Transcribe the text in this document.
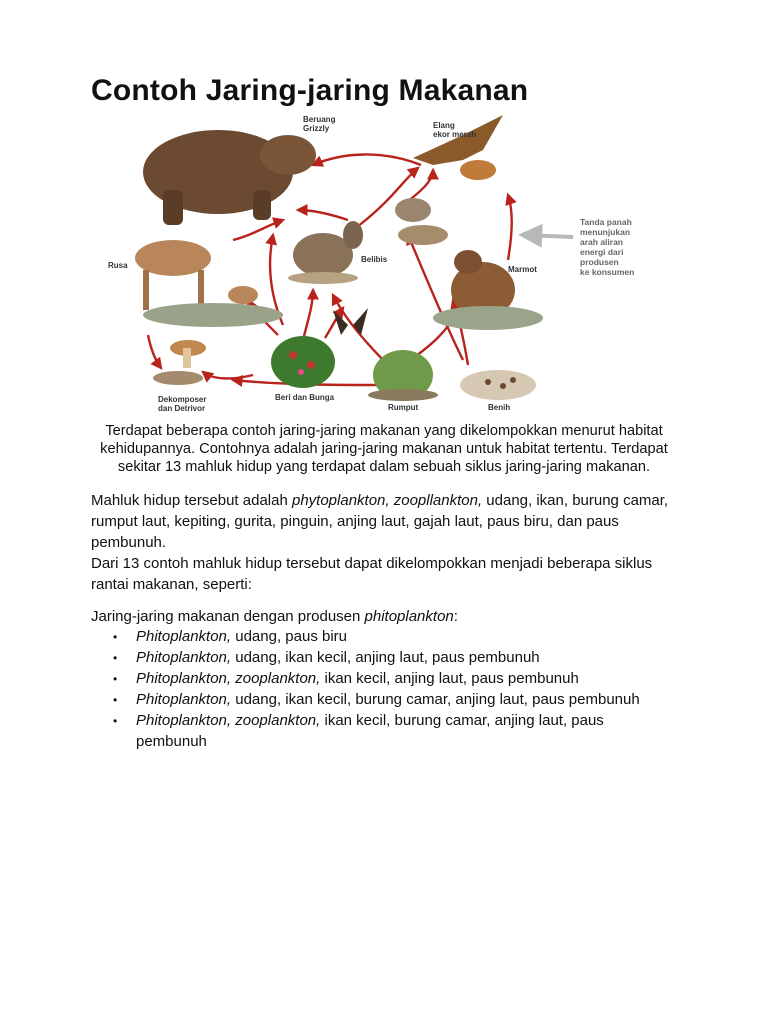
Contoh Jaring-jaring Makanan
Beruang Grizzly	Elang ekor merah
Rusa
Belibis
Marmot
Dekomposer dan Detrivor
Beri dan Bunga
Rumput	Benih
Tanda panah menunjukan arah aliran energi dari produsen ke konsumen
Terdapat beberapa contoh jaring-jaring makanan yang dikelompokkan menurut habitat kehidupannya. Contohnya adalah jaring-jaring makanan untuk habitat tertentu. Terdapat sekitar 13 mahluk hidup yang terdapat dalam sebuah siklus jaring-jaring makanan.

Mahluk hidup tersebut adalah phytoplankton, zoopllankton, udang, ikan, burung camar, rumput laut, kepiting, gurita, pinguin, anjing laut, gajah laut, paus biru, dan paus pembunuh.

Dari 13 contoh mahluk hidup tersebut dapat dikelompokkan menjadi beberapa siklus rantai makanan, seperti:

Jaring-jaring makanan dengan produsen phitoplankton:

• Phitoplankton, udang, paus biru
• Phitoplankton, udang, ikan kecil, anjing laut, paus pembunuh
• Phitoplankton, zooplankton, ikan kecil, anjing laut, paus pembunuh
• Phitoplankton, udang, ikan kecil, burung camar, anjing laut, paus pembunuh
• Phitoplankton, zooplankton, ikan kecil, burung camar, anjing laut, paus pembunuh
